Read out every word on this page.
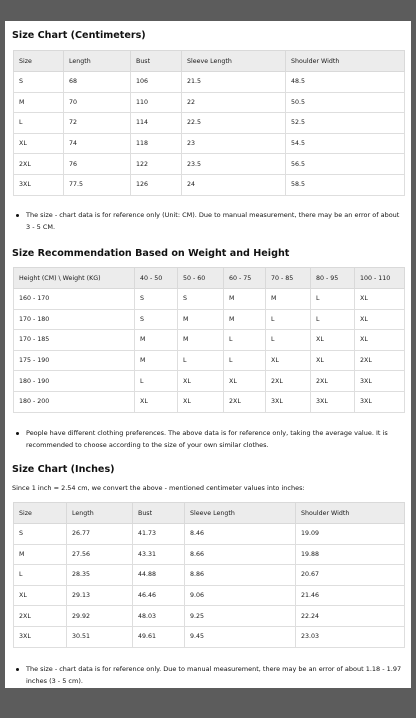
Size Chart (Centimeters)
Size	Length	Bust	Sleeve Length	Shoulder Width
S	68	106	21.5	48.5
M	70	110	22	50.5
L	72	114	22.5	52.5
XL	74	118	23	54.5
2XL	76	122	23.5	56.5
3XL	77.5	126	24	58.5

The size - chart data is for reference only (Unit: CM). Due to manual measurement, there may be an error of about 3 - 5 CM.

Size Recommendation Based on Weight and Height
Height (CM) \ Weight (KG)	40 - 50	50 - 60	60 - 75	70 - 85	80 - 95	100 - 110
160 - 170	S	S	M	M	L	XL
170 - 180	S	M	M	L	L	XL
170 - 185	M	M	L	L	XL	XL
175 - 190	M	L	L	XL	XL	2XL
180 - 190	L	XL	XL	2XL	2XL	3XL
180 - 200	XL	XL	2XL	3XL	3XL	3XL

People have different clothing preferences. The above data is for reference only, taking the average value. It is recommended to choose according to the size of your own similar clothes.

Size Chart (Inches)

Since 1 inch = 2.54 cm, we convert the above - mentioned centimeter values into inches:

Size	Length	Bust	Sleeve Length	Shoulder Width
S	26.77	41.73	8.46	19.09
M	27.56	43.31	8.66	19.88
L	28.35	44.88	8.86	20.67
XL	29.13	46.46	9.06	21.46
2XL	29.92	48.03	9.25	22.24
3XL	30.51	49.61	9.45	23.03

The size - chart data is for reference only. Due to manual measurement, there may be an error of about 1.18 - 1.97 inches (3 - 5 cm).
